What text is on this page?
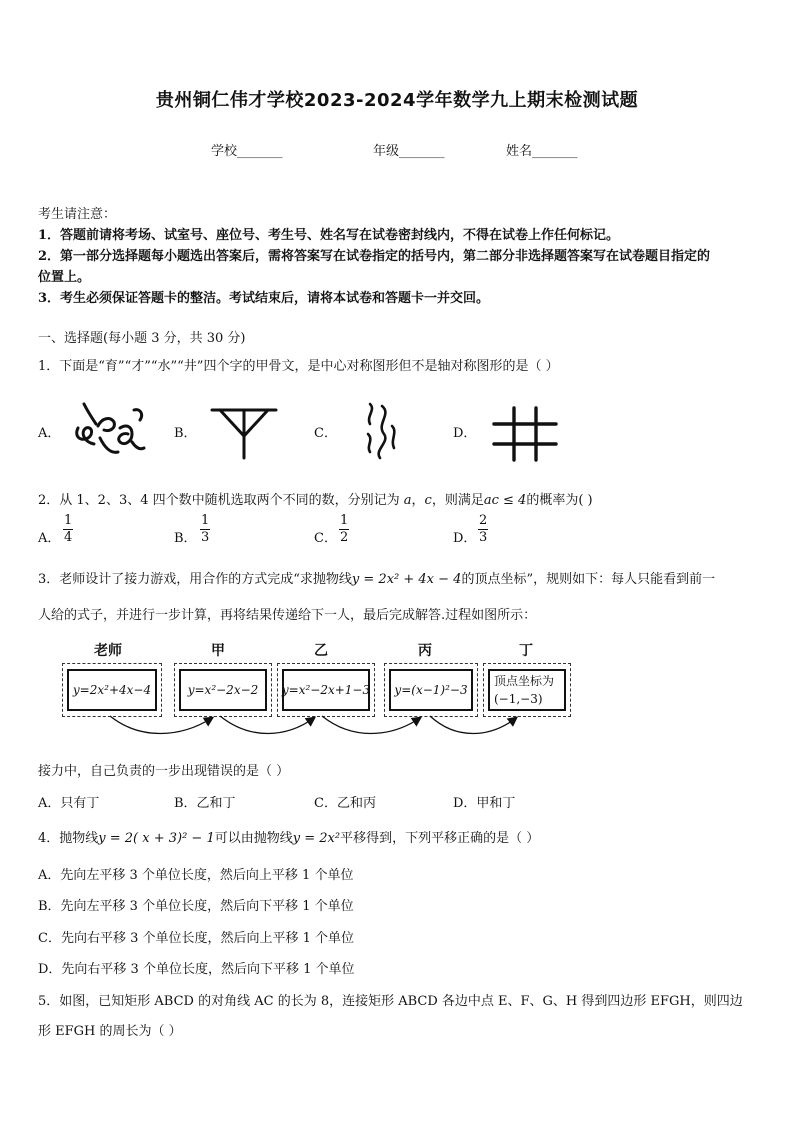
贵州铜仁伟才学校2023-2024学年数学九上期末检测试题
学校_______	年级_______	姓名_______
考生请注意：
1．答题前请将考场、试室号、座位号、考生号、姓名写在试卷密封线内，不得在试卷上作任何标记。
2．第一部分选择题每小题选出答案后，需将答案写在试卷指定的括号内，第二部分非选择题答案写在试卷题目指定的
位置上。
3．考生必须保证答题卡的整洁。考试结束后，请将本试卷和答题卡一并交回。
一、选择题(每小题 3 分，共 30 分)
1．下面是“育”“才”“水”“井”四个字的甲骨文，是中心对称图形但不是轴对称图形的是（ ）
A．	B．	C．	D．
2．从 1、2、3、4 四个数中随机选取两个不同的数，分别记为 a，c，则满足ac ≤ 4的概率为( )
A． $\frac{1}{4}$	B． $\frac{1}{3}$	C． $\frac{1}{2}$	D． $\frac{2}{3}$
3．老师设计了接力游戏，用合作的方式完成“求抛物线y = 2x² + 4x − 4的顶点坐标”，规则如下：每人只能看到前一
人给的式子，并进行一步计算，再将结果传递给下一人，最后完成解答.过程如图所示：
老师	甲	乙	丙	丁
y=2x²+4x−4	y=x²−2x−2	y=x²−2x+1−3	y=(x−1)²−3
顶点坐标为
(−1,−3)
接力中，自己负责的一步出现错误的是（ ）
A．只有丁	B．乙和丁	C．乙和丙	D．甲和丁
4．抛物线y = 2( x + 3)² − 1可以由抛物线y = 2x²平移得到，下列平移正确的是（ ）
A．先向左平移 3 个单位长度，然后向上平移 1 个单位
B．先向左平移 3 个单位长度，然后向下平移 1 个单位
C．先向右平移 3 个单位长度，然后向上平移 1 个单位
D．先向右平移 3 个单位长度，然后向下平移 1 个单位
5．如图，已知矩形 ABCD 的对角线 AC 的长为 8，连接矩形 ABCD 各边中点 E、F、G、H 得到四边形 EFGH，则四边
形 EFGH 的周长为（ ）
